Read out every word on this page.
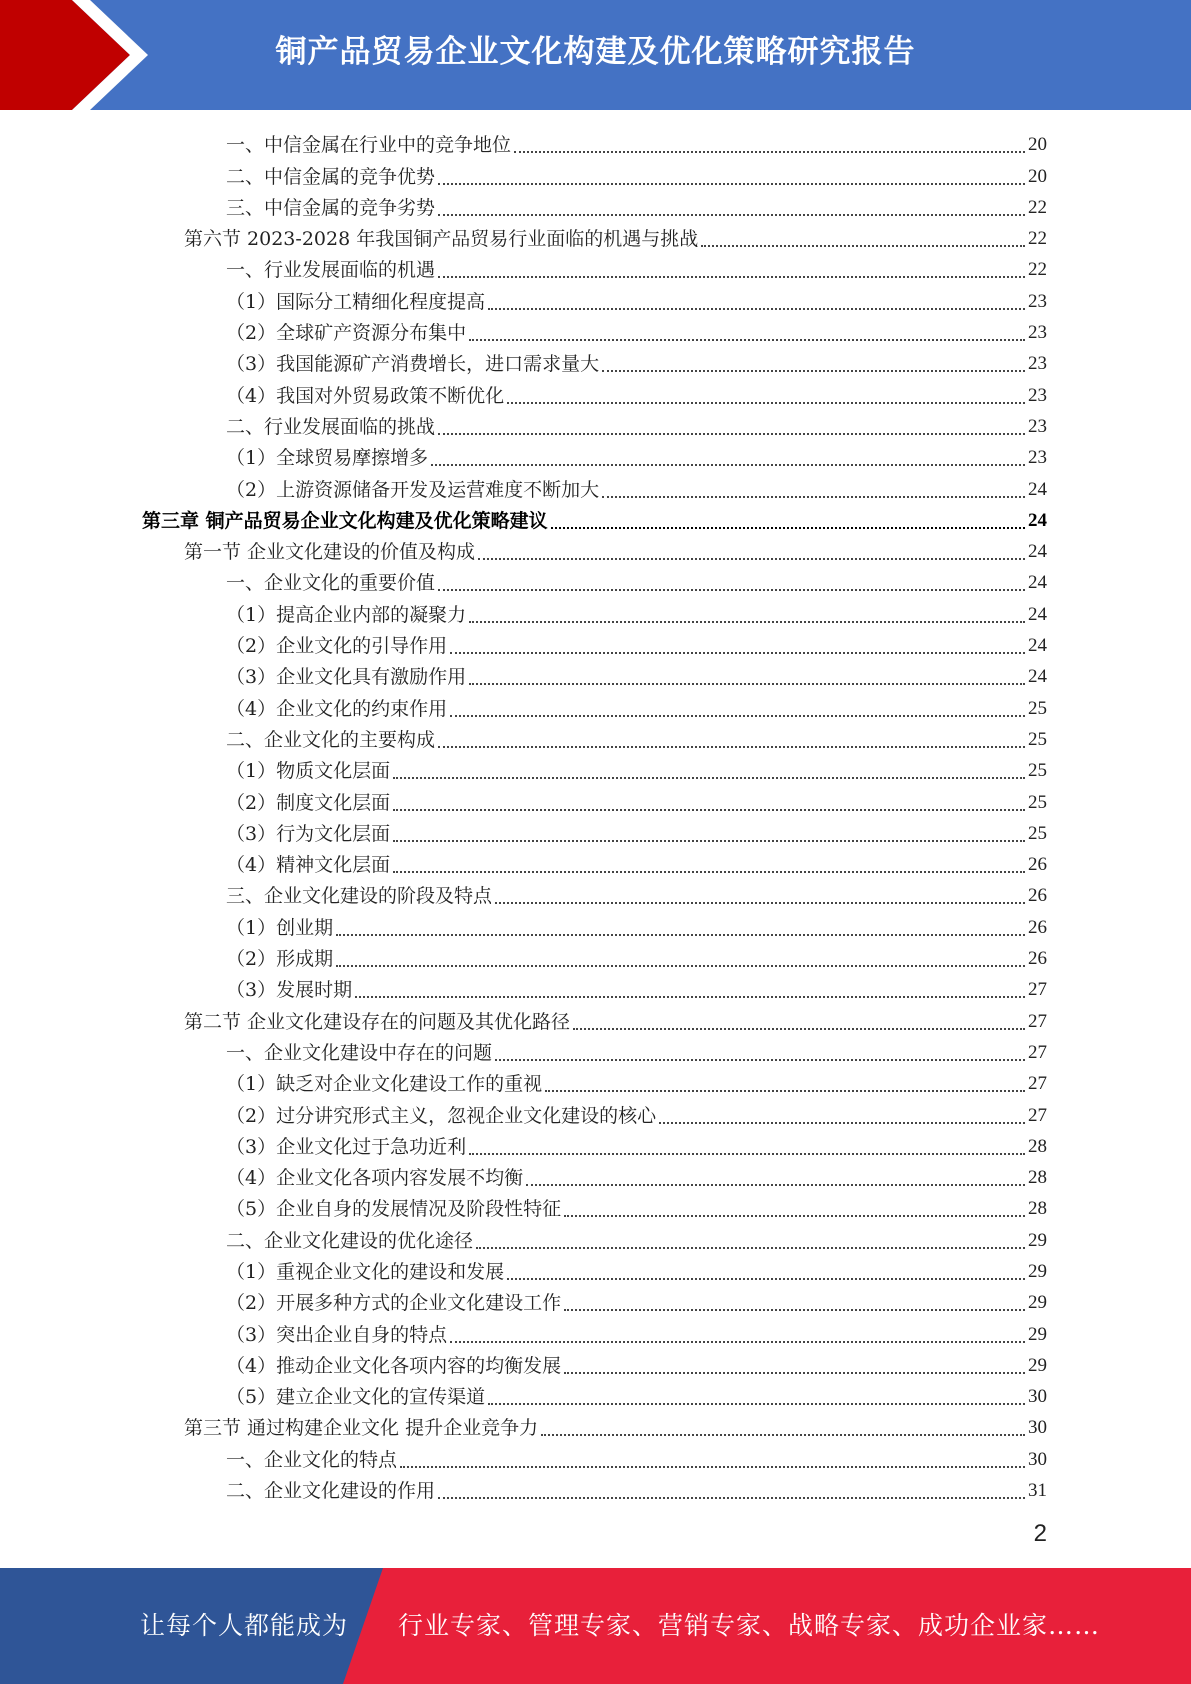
铜产品贸易企业文化构建及优化策略研究报告
一、中信金属在行业中的竞争地位	20
二、中信金属的竞争优势	20
三、中信金属的竞争劣势	22
第六节 2023-2028 年我国铜产品贸易行业面临的机遇与挑战	22
一、行业发展面临的机遇	22
（1）国际分工精细化程度提高	23
（2）全球矿产资源分布集中	23
（3）我国能源矿产消费增长，进口需求量大	23
（4）我国对外贸易政策不断优化	23
二、行业发展面临的挑战	23
（1）全球贸易摩擦增多	23
（2）上游资源储备开发及运营难度不断加大	24
第三章 铜产品贸易企业文化构建及优化策略建议	24
第一节 企业文化建设的价值及构成	24
一、企业文化的重要价值	24
（1）提高企业内部的凝聚力	24
（2）企业文化的引导作用	24
（3）企业文化具有激励作用	24
（4）企业文化的约束作用	25
二、企业文化的主要构成	25
（1）物质文化层面	25
（2）制度文化层面	25
（3）行为文化层面	25
（4）精神文化层面	26
三、企业文化建设的阶段及特点	26
（1）创业期	26
（2）形成期	26
（3）发展时期	27
第二节 企业文化建设存在的问题及其优化路径	27
一、企业文化建设中存在的问题	27
（1）缺乏对企业文化建设工作的重视	27
（2）过分讲究形式主义，忽视企业文化建设的核心	27
（3）企业文化过于急功近利	28
（4）企业文化各项内容发展不均衡	28
（5）企业自身的发展情况及阶段性特征	28
二、企业文化建设的优化途径	29
（1）重视企业文化的建设和发展	29
（2）开展多种方式的企业文化建设工作	29
（3）突出企业自身的特点	29
（4）推动企业文化各项内容的均衡发展	29
（5）建立企业文化的宣传渠道	30
第三节 通过构建企业文化 提升企业竞争力	30
一、企业文化的特点	30
二、企业文化建设的作用	31
2
让每个人都能成为 行业专家、管理专家、营销专家、战略专家、成功企业家……
